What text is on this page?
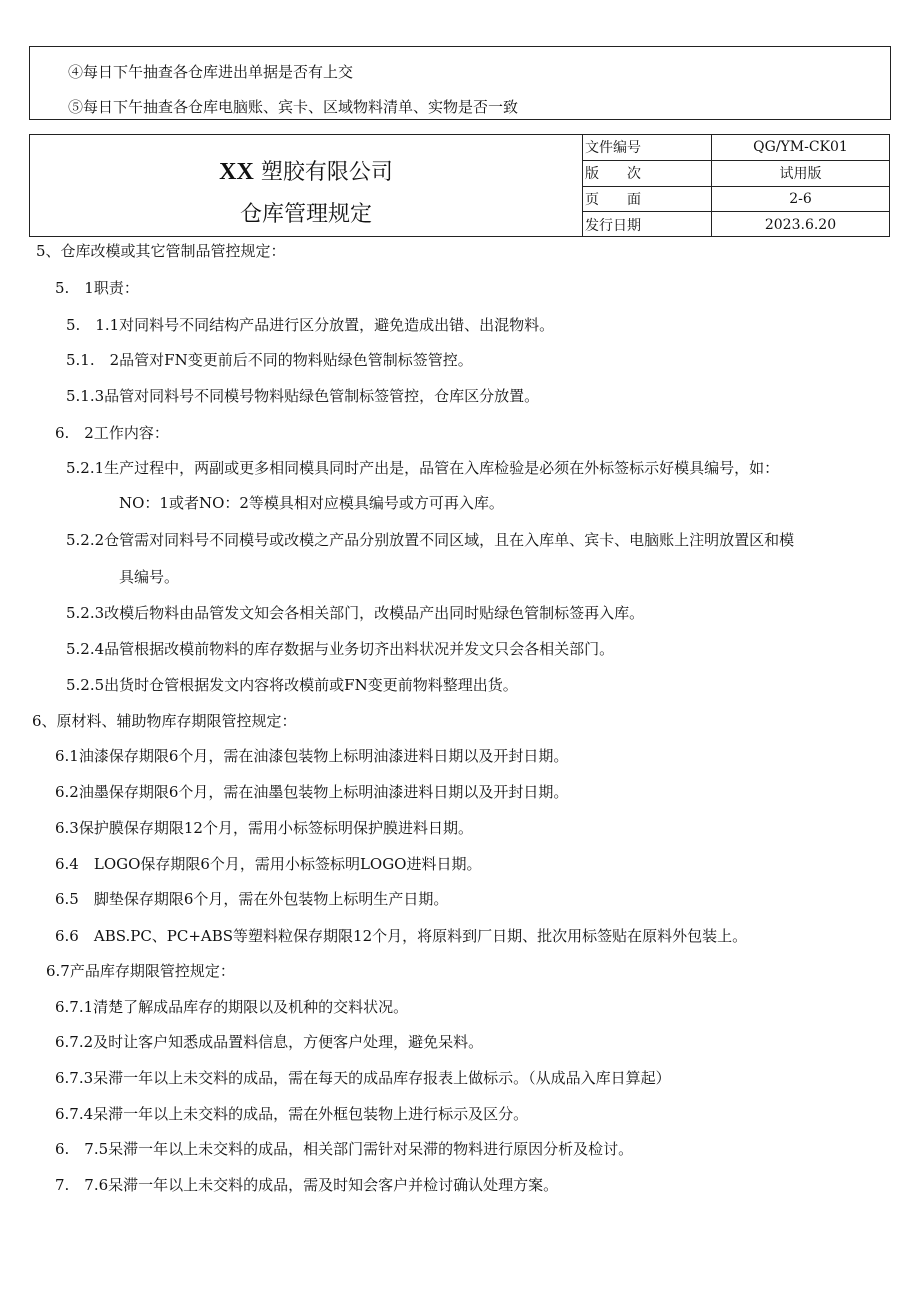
④每日下午抽查各仓库进出单据是否有上交
⑤每日下午抽查各仓库电脑账、宾卡、区域物料清单、实物是否一致
XX 塑胶有限公司
仓库管理规定
文件编号	QG/YM-CK01
版　　次	试用版
页　　面	2-6
发行日期	2023.6.20
5、仓库改模或其它管制品管控规定：
5.　1职责：
5.　1.1对同料号不同结构产品进行区分放置，避免造成出错、出混物料。
5.1.　2品管对FN变更前后不同的物料贴绿色管制标签管控。
5.1.3品管对同料号不同模号物料贴绿色管制标签管控，仓库区分放置。
6.　2工作内容：
5.2.1生产过程中，两副或更多相同模具同时产出是，品管在入库检验是必须在外标签标示好模具编号，如：
NO：1或者NO：2等模具相对应模具编号或方可再入库。
5.2.2仓管需对同料号不同模号或改模之产品分别放置不同区域，且在入库单、宾卡、电脑账上注明放置区和模
具编号。
5.2.3改模后物料由品管发文知会各相关部门，改模品产出同时贴绿色管制标签再入库。
5.2.4品管根据改模前物料的库存数据与业务切齐出料状况并发文只会各相关部门。
5.2.5出货时仓管根据发文内容将改模前或FN变更前物料整理出货。
6、原材料、辅助物库存期限管控规定：
6.1油漆保存期限6个月，需在油漆包装物上标明油漆进料日期以及开封日期。
6.2油墨保存期限6个月，需在油墨包装物上标明油漆进料日期以及开封日期。
6.3保护膜保存期限12个月，需用小标签标明保护膜进料日期。
6.4　LOGO保存期限6个月，需用小标签标明LOGO进料日期。
6.5　脚垫保存期限6个月，需在外包装物上标明生产日期。
6.6　ABS.PC、PC+ABS等塑料粒保存期限12个月，将原料到厂日期、批次用标签贴在原料外包装上。
6.7产品库存期限管控规定：
6.7.1清楚了解成品库存的期限以及机种的交料状况。
6.7.2及时让客户知悉成品置料信息，方便客户处理，避免呆料。
6.7.3呆滞一年以上未交料的成品，需在每天的成品库存报表上做标示。（从成品入库日算起）
6.7.4呆滞一年以上未交料的成品，需在外框包装物上进行标示及区分。
6.　7.5呆滞一年以上未交料的成品，相关部门需针对呆滞的物料进行原因分析及检讨。
7.　7.6呆滞一年以上未交料的成品，需及时知会客户并检讨确认处理方案。
